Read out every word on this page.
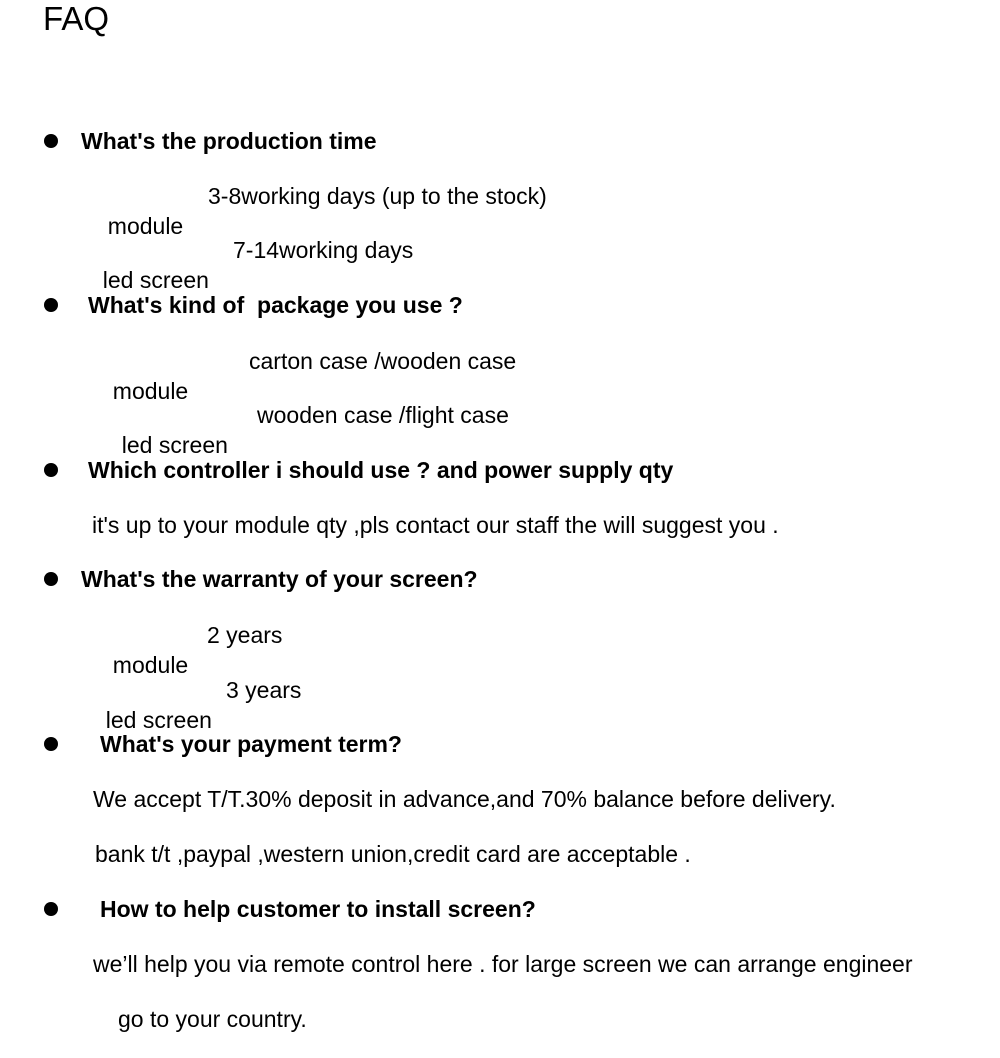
FAQ
What's the production time

module

3-8working days (up to the stock)

led screen

7-14working days

What's kind of  package you use ?

module

carton case /wooden case

led screen

wooden case /flight case

Which controller i should use ? and power supply qty
it's up to your module qty ,pls contact our staff the will suggest you .
What's the warranty of your screen?

module

2 years

led screen

3 years

What's your payment term?
We accept T/T.30% deposit in advance,and 70% balance before delivery.
bank t/t ,paypal ,western union,credit card are acceptable .
How to help customer to install screen?
we’ll help you via remote control here . for large screen we can arrange engineer
go to your country.
